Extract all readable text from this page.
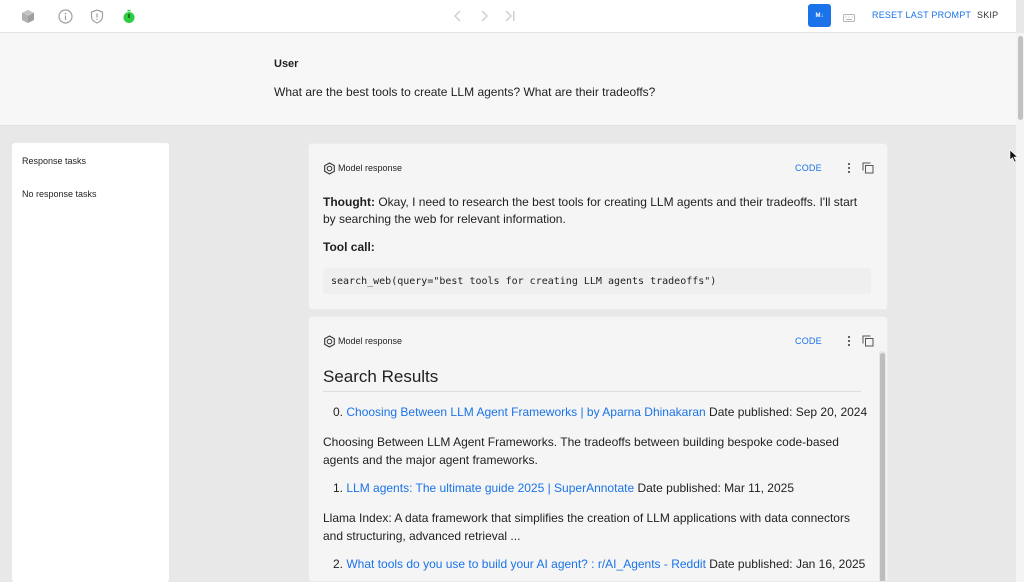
M↓	RESET LAST PROMPT SKIP
User
What are the best tools to create LLM agents? What are their tradeoffs?
Response tasks
No response tasks
Model response	CODE
Thought: Okay, I need to research the best tools for creating LLM agents and their tradeoffs. I'll start by searching the web for relevant information.
Tool call:
search_web(query="best tools for creating LLM agents tradeoffs")
Model response	CODE
Search Results
0. Choosing Between LLM Agent Frameworks | by Aparna Dhinakaran Date published: Sep 20, 2024
Choosing Between LLM Agent Frameworks. The tradeoffs between building bespoke code-based agents and the major agent frameworks.
1. LLM agents: The ultimate guide 2025 | SuperAnnotate Date published: Mar 11, 2025
Llama Index: A data framework that simplifies the creation of LLM applications with data connectors and structuring, advanced retrieval ...
2. What tools do you use to build your AI agent? : r/AI_Agents - Reddit Date published: Jan 16, 2025
